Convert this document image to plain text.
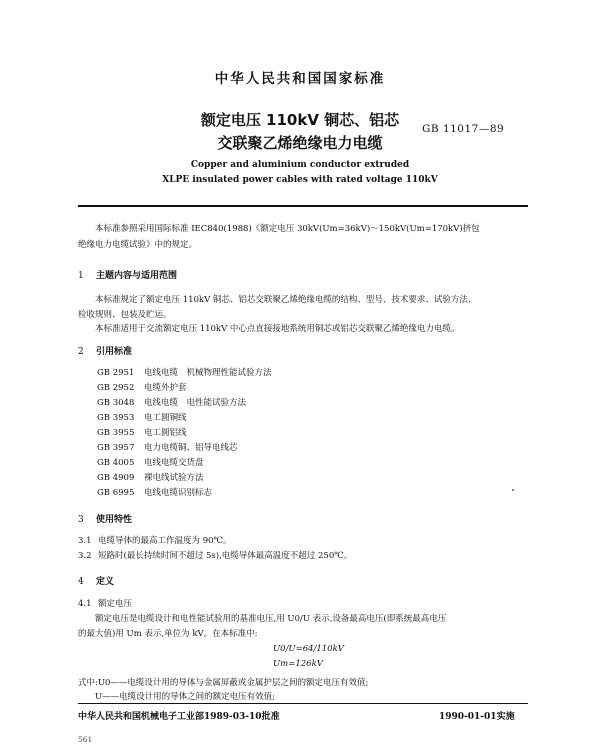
中华人民共和国国家标准
额定电压 110kV 铜芯、铝芯
交联聚乙烯绝缘电力电缆
GB 11017—89
Copper and aluminium conductor extruded
XLPE insulated power cables with rated voltage 110kV
本标准参照采用国际标准 IEC840(1988)《额定电压 30kV(Um=36kV)～150kV(Um=170kV)挤包
绝缘电力电缆试验》中的规定。
1 主题内容与适用范围
本标准规定了额定电压 110kV 铜芯、铝芯交联聚乙烯绝缘电缆的结构、型号、技术要求、试验方法、
检收规则、包装及贮运。
本标准适用于交流额定电压 110kV 中心点直接接地系统用铜芯或铝芯交联聚乙烯绝缘电力电缆。
2 引用标准
GB 2951 电线电缆　机械物理性能试验方法
GB 2952 电缆外护套
GB 3048 电线电缆　电性能试验方法
GB 3953 电工圆铜线
GB 3955 电工圆铝线
GB 3957 电力电缆铜、铝导电线芯
GB 4005 电线电缆交货盘
GB 4909 裸电线试验方法
GB 6995 电线电缆识别标志
3 使用特性
3.1 电缆导体的最高工作温度为 90℃。
3.2 短路时(最长持续时间不超过 5s),电缆导体最高温度不超过 250℃。
4 定义
4.1 额定电压
额定电压是电缆设计和电性能试验用的基准电压,用 U0/U 表示,设备最高电压(即系统最高电压
的最大值)用 Um 表示,单位为 kV。在本标准中:
U0/U=64/110kV
Um=126kV
式中:U0——电缆设计用的导体与金属屏蔽或金属护层之间的额定电压有效值;
U——电缆设计用的导体之间的额定电压有效值;
中华人民共和国机械电子工业部1989-03-10批准	1990-01-01实施
561
